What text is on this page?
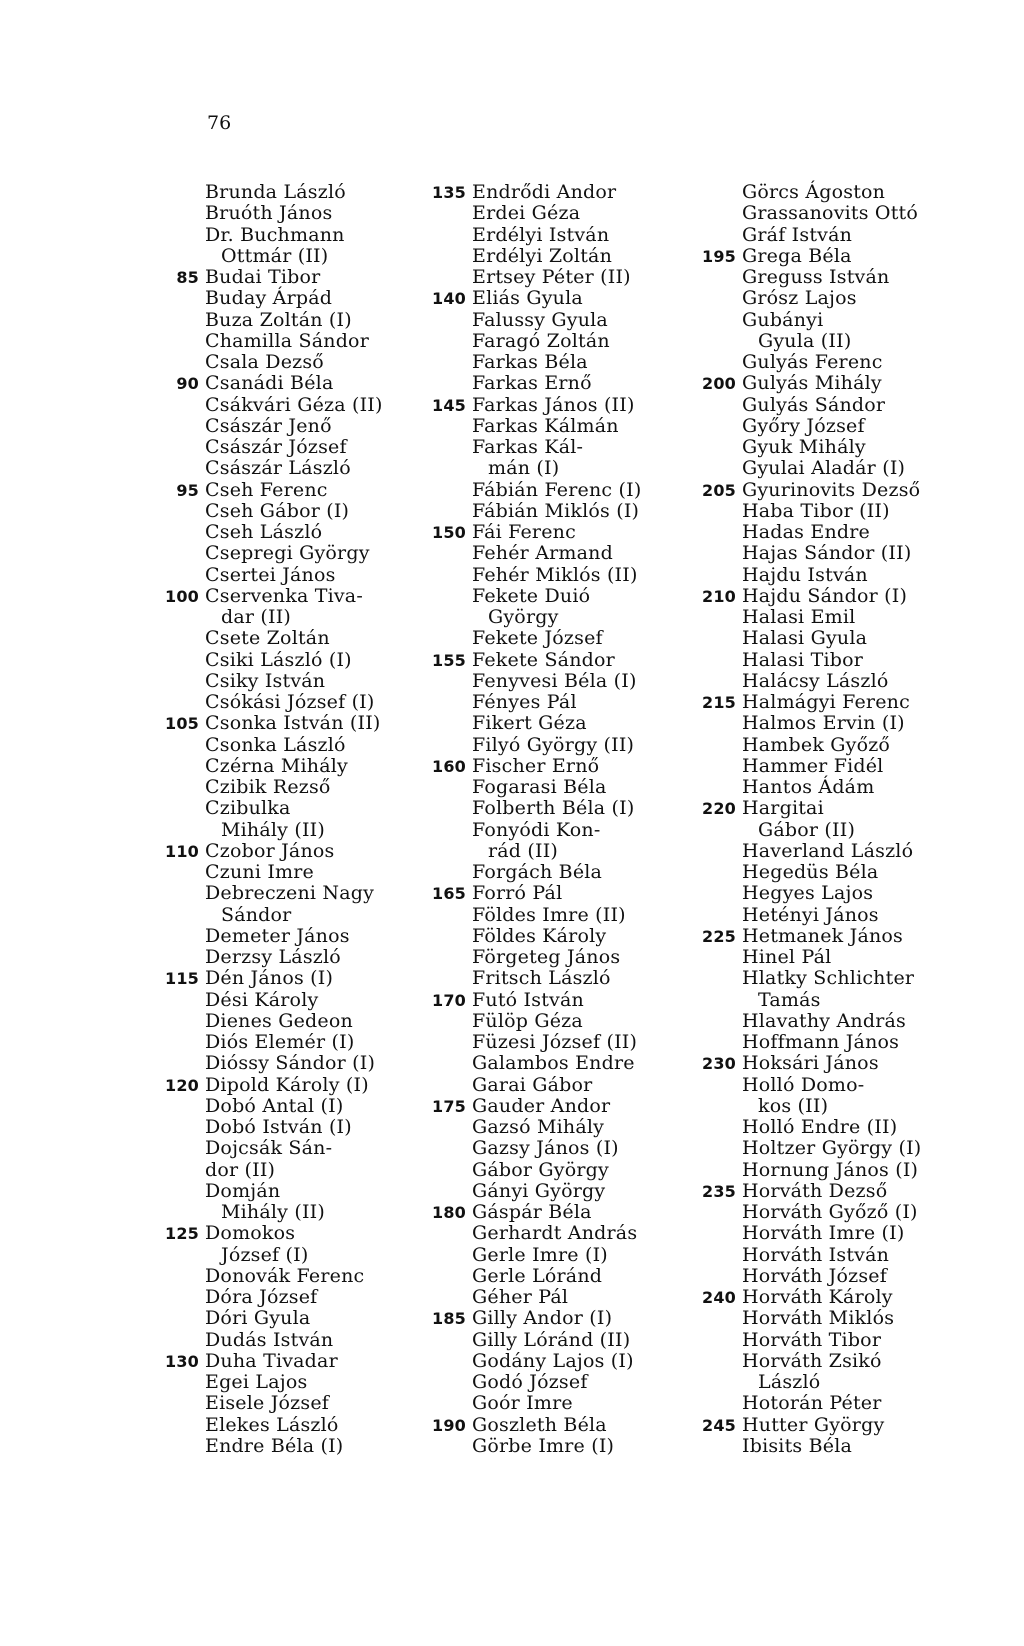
76
Brunda László
Bruóth János
Dr. Buchmann
Ottmár (II)
85 Budai Tibor
Buday Árpád
Buza Zoltán (I)
Chamilla Sándor
Csala Dezső
90 Csanádi Béla
Csákvári Géza (II)
Császár Jenő
Császár József
Császár László
95 Cseh Ferenc
Cseh Gábor (I)
Cseh László
Csepregi György
Csertei János
100 Cservenka Tiva-
dar (II)
Csete Zoltán
Csiki László (I)
Csiky István
Csókási József (I)
105 Csonka István (II)
Csonka László
Czérna Mihály
Czibik Rezső
Czibulka
Mihály (II)
110 Czobor János
Czuni Imre
Debreczeni Nagy
Sándor
Demeter János
Derzsy László
115 Dén János (I)
Dési Károly
Dienes Gedeon
Diós Elemér (I)
Dióssy Sándor (I)
120 Dipold Károly (I)
Dobó Antal (I)
Dobó István (I)
Dojcsák Sán-
dor (II)
Domján
Mihály (II)
125 Domokos
József (I)
Donovák Ferenc
Dóra József
Dóri Gyula
Dudás István
130 Duha Tivadar
Egei Lajos
Eisele József
Elekes László
Endre Béla (I)
135 Endrődi Andor
Erdei Géza
Erdélyi István
Erdélyi Zoltán
Ertsey Péter (II)
140 Eliás Gyula
Falussy Gyula
Faragó Zoltán
Farkas Béla
Farkas Ernő
145 Farkas János (II)
Farkas Kálmán
Farkas Kál-
mán (I)
Fábián Ferenc (I)
Fábián Miklós (I)
150 Fái Ferenc
Fehér Armand
Fehér Miklós (II)
Fekete Duió
György
Fekete József
155 Fekete Sándor
Fenyvesi Béla (I)
Fényes Pál
Fikert Géza
Filyó György (II)
160 Fischer Ernő
Fogarasi Béla
Folberth Béla (I)
Fonyódi Kon-
rád (II)
Forgách Béla
165 Forró Pál
Földes Imre (II)
Földes Károly
Förgeteg János
Fritsch László
170 Futó István
Fülöp Géza
Füzesi József (II)
Galambos Endre
Garai Gábor
175 Gauder Andor
Gazsó Mihály
Gazsy János (I)
Gábor György
Gányi György
180 Gáspár Béla
Gerhardt András
Gerle Imre (I)
Gerle Lóránd
Géher Pál
185 Gilly Andor (I)
Gilly Lóránd (II)
Godány Lajos (I)
Godó József
Goór Imre
190 Goszleth Béla
Görbe Imre (I)
Görcs Ágoston
Grassanovits Ottó
Gráf István
195 Grega Béla
Greguss István
Grósz Lajos
Gubányi
Gyula (II)
Gulyás Ferenc
200 Gulyás Mihály
Gulyás Sándor
Győry József
Gyuk Mihály
Gyulai Aladár (I)
205 Gyurinovits Dezső
Haba Tibor (II)
Hadas Endre
Hajas Sándor (II)
Hajdu István
210 Hajdu Sándor (I)
Halasi Emil
Halasi Gyula
Halasi Tibor
Halácsy László
215 Halmágyi Ferenc
Halmos Ervin (I)
Hambek Győző
Hammer Fidél
Hantos Ádám
220 Hargitai
Gábor (II)
Haverland László
Hegedüs Béla
Hegyes Lajos
Hetényi János
225 Hetmanek János
Hinel Pál
Hlatky Schlichter
Tamás
Hlavathy András
Hoffmann János
230 Hoksári János
Holló Domo-
kos (II)
Holló Endre (II)
Holtzer György (I)
Hornung János (I)
235 Horváth Dezső
Horváth Győző (I)
Horváth Imre (I)
Horváth István
Horváth József
240 Horváth Károly
Horváth Miklós
Horváth Tibor
Horváth Zsikó
László
Hotorán Péter
245 Hutter György
Ibisits Béla
